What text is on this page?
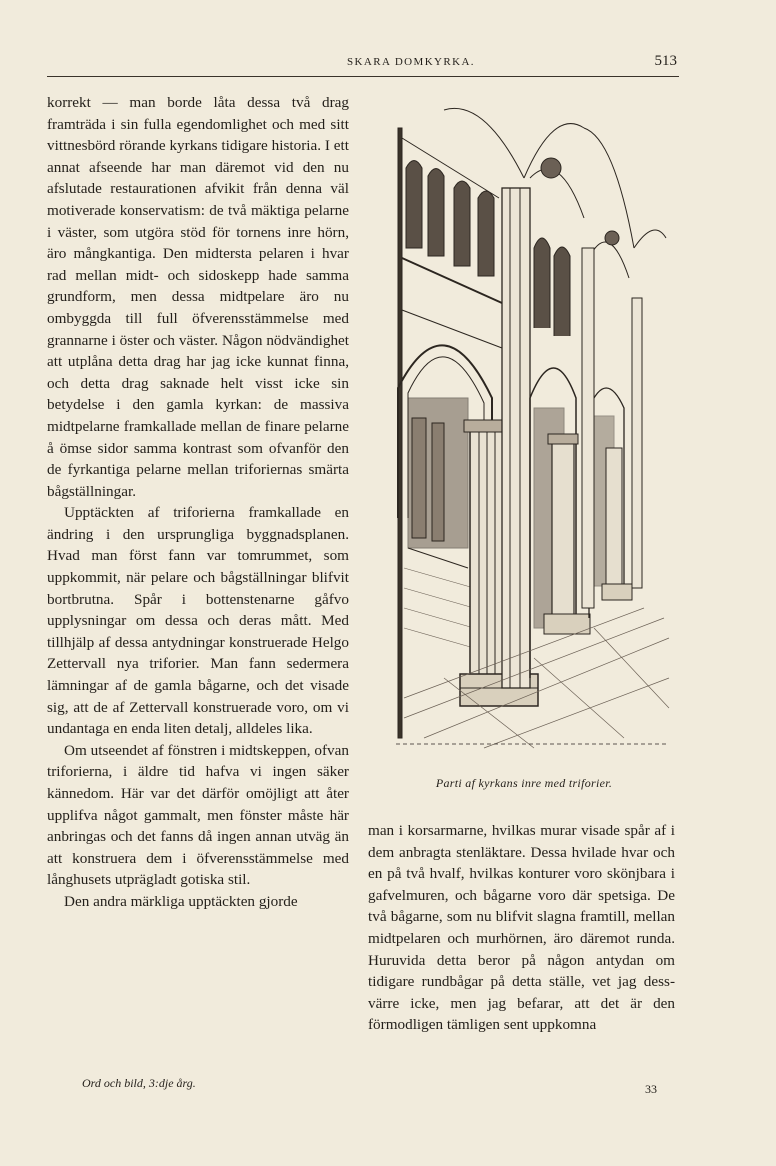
SKARA DOMKYRKA.	513

korrekt — man borde låta dessa två drag framträda i sin fulla egendomlighet och med sitt vittnesbörd rörande kyrkans tidigare historia. I ett annat afseende har man däremot vid den nu afslutade restaurationen afvikit från denna väl motiverade konservatism: de två mäktiga pelarne i väster, som utgöra stöd för tornens inre hörn, äro mångkantiga. Den midtersta pelaren i hvar rad mellan midt- och sidoskepp hade samma grundform, men dessa midtpelare äro nu ombyggda till full öfverensstämmelse med grannarne i öster och väster. Någon nödvändighet att utplåna detta drag har jag icke kunnat finna, och detta drag saknade helt visst icke sin betydelse i den gamla kyrkan: de massiva midtpelarne framkallade mellan de finare pelarne å ömse sidor samma kontrast som ofvanför den de fyrkantiga pelarne mellan triforiernas smärta bågställningar.

Upptäckten af triforierna framkallade en ändring i den ursprungliga byggnadsplanen. Hvad man först fann var tomrummet, som uppkommit, när pelare och bågställningar blifvit bortbrutna. Spår i bottenstenarne gåfvo upplysningar om dessa och deras mått. Med tillhjälp af dessa antydningar konstruerade Helgo Zettervall nya triforier. Man fann sedermera lämningar af de gamla bågarne, och det visade sig, att de af Zettervall konstruerade voro, om vi undantaga en enda liten detalj, alldeles lika.

Om utseendet af fönstren i midtskeppen, ofvan triforierna, i äldre tid hafva vi ingen säker kännedom. Här var det därför omöjligt att åter upplifva något gammalt, men fönster måste här anbringas och det fanns då ingen annan utväg än att konstruera dem i öfverensstämmelse med långhusets utprägladt gotiska stil.

Den andra märkliga upptäckten gjorde

Parti af kyrkans inre med triforier.

man i korsarmarne, hvilkas murar visade spår af i dem anbragta stenläktare. Dessa hvilade hvar och en på två hvalf, hvilkas konturer voro skönjbara i gafvelmuren, och bågarne voro där spetsiga. De två bågarne, som nu blifvit slagna framtill, mellan midtpelaren och murhörnen, äro däremot runda. Huruvida detta beror på någon antydan om tidigare rundbågar på detta ställe, vet jag dessvärre icke, men jag befarar, att det är den förmodligen tämligen sent uppkomna

Ord och bild, 3:dje årg.	33
